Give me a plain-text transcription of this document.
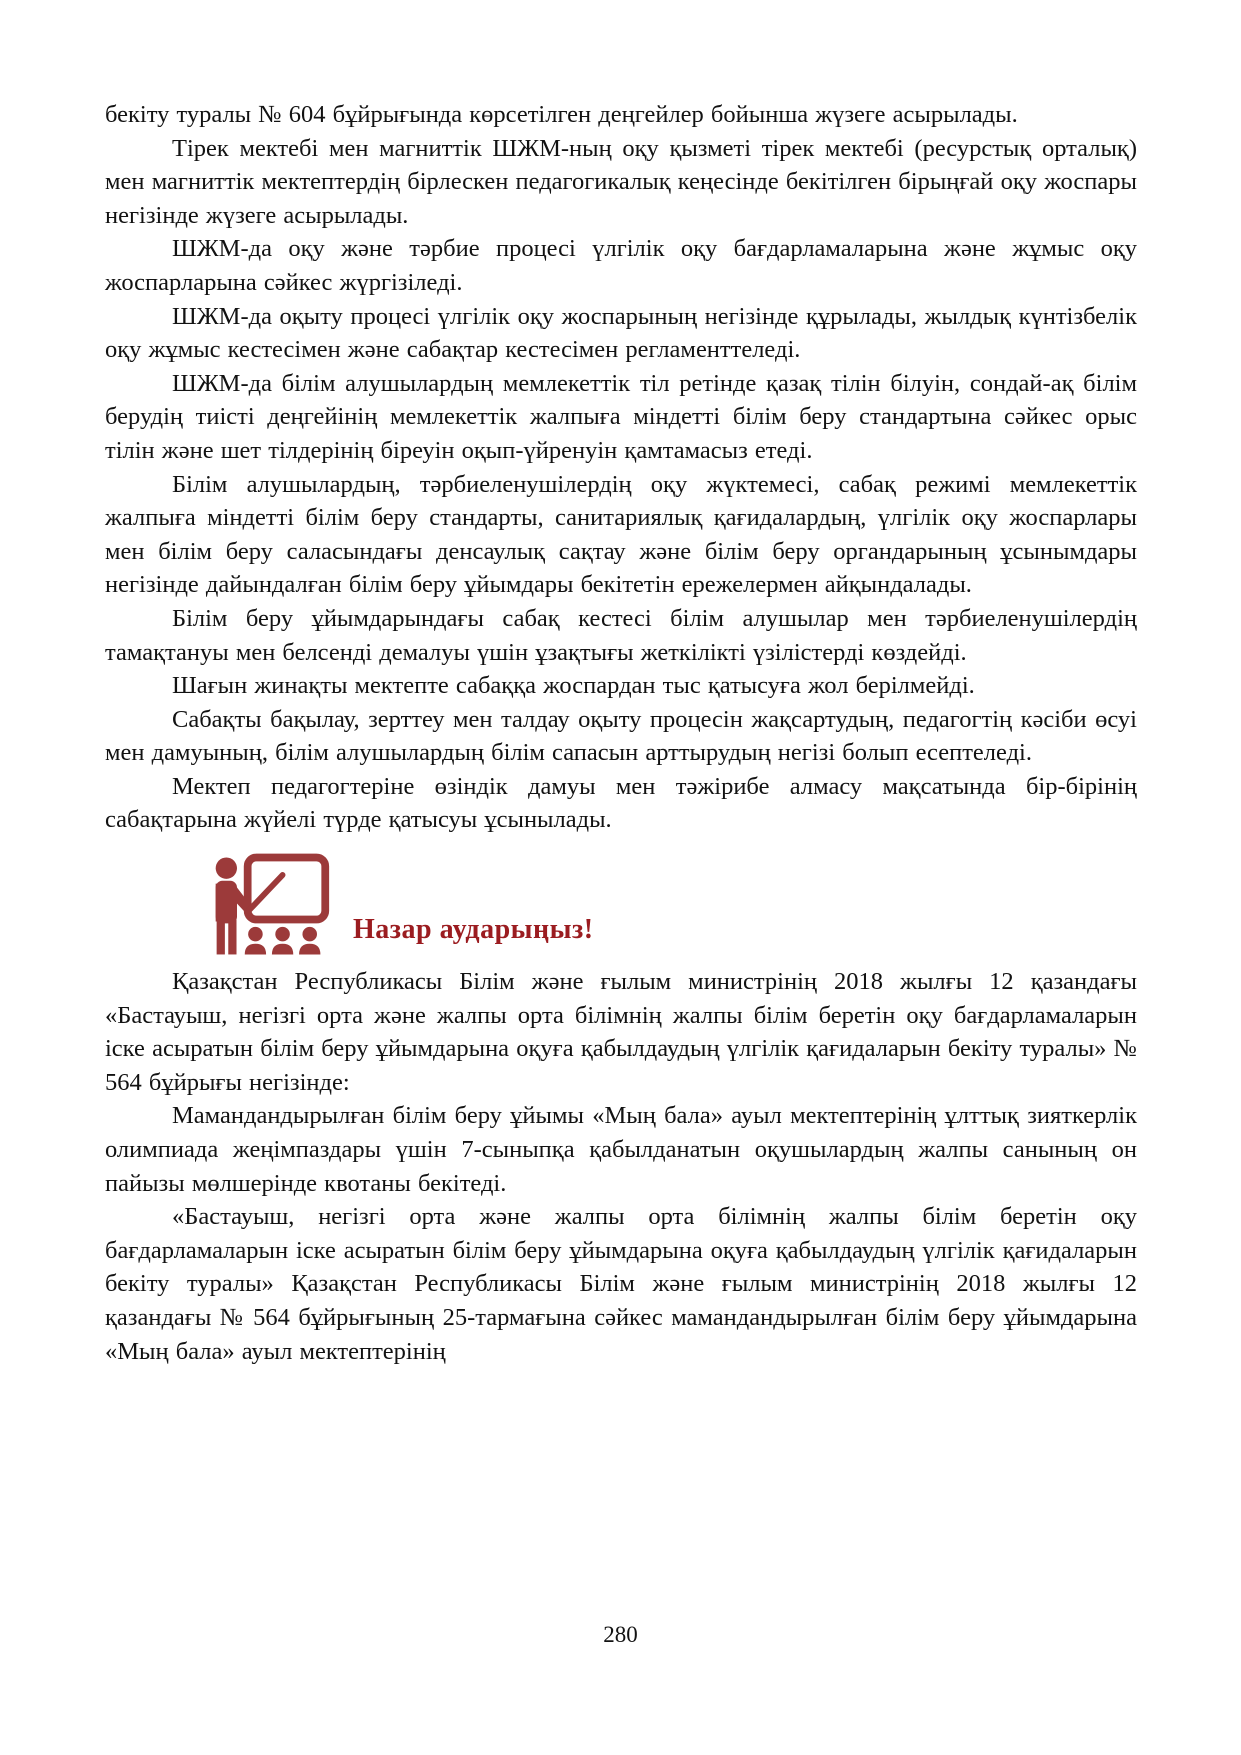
бекіту туралы № 604 бұйрығында көрсетілген деңгейлер бойынша жүзеге асырылады.

Тірек мектебі мен магниттік ШЖМ-ның оқу қызметі тірек мектебі (ресурстық орталық) мен магниттік мектептердің бірлескен педагогикалық кеңесінде бекітілген бірыңғай оқу жоспары негізінде жүзеге асырылады.

ШЖМ-да оқу және тәрбие процесі үлгілік оқу бағдарламаларына және жұмыс оқу жоспарларына сәйкес жүргізіледі.

ШЖМ-да оқыту процесі үлгілік оқу жоспарының негізінде құрылады, жылдық күнтізбелік оқу жұмыс кестесімен және сабақтар кестесімен регламенттеледі.

ШЖМ-да білім алушылардың мемлекеттік тіл ретінде қазақ тілін білуін, сондай-ақ білім берудің тиісті деңгейінің мемлекеттік жалпыға міндетті білім беру стандартына сәйкес орыс тілін және шет тілдерінің біреуін оқып-үйренуін қамтамасыз етеді.

Білім алушылардың, тәрбиеленушілердің оқу жүктемесі, сабақ режимі мемлекеттік жалпыға міндетті білім беру стандарты, санитариялық қағидалардың, үлгілік оқу жоспарлары мен білім беру саласындағы денсаулық сақтау және білім беру органдарының ұсынымдары негізінде дайындалған білім беру ұйымдары бекітетін ережелермен айқындалады.

Білім беру ұйымдарындағы сабақ кестесі білім алушылар мен тәрбиеленушілердің тамақтануы мен белсенді демалуы үшін ұзақтығы жеткілікті үзілістерді көздейді.

Шағын жинақты мектепте сабаққа жоспардан тыс қатысуға жол берілмейді.

Сабақты бақылау, зерттеу мен талдау оқыту процесін жақсартудың, педагогтің кәсіби өсуі мен дамуының, білім алушылардың білім сапасын арттырудың негізі болып есептеледі.

Мектеп педагогтеріне өзіндік дамуы мен тәжірибе алмасу мақсатында бір-бірінің сабақтарына жүйелі түрде қатысуы ұсынылады.

Назар аударыңыз!

Қазақстан Республикасы Білім және ғылым министрінің 2018 жылғы 12 қазандағы «Бастауыш, негізгі орта және жалпы орта білімнің жалпы білім беретін оқу бағдарламаларын іске асыратын білім беру ұйымдарына оқуға қабылдаудың үлгілік қағидаларын бекіту туралы» № 564 бұйрығы негізінде:

Мамандандырылған білім беру ұйымы «Мың бала» ауыл мектептерінің ұлттық зияткерлік олимпиада жеңімпаздары үшін 7-сыныпқа қабылданатын оқушылардың жалпы санының он пайызы мөлшерінде квотаны бекітеді.

«Бастауыш, негізгі орта және жалпы орта білімнің жалпы білім беретін оқу бағдарламаларын іске асыратын білім беру ұйымдарына оқуға қабылдаудың үлгілік қағидаларын бекіту туралы» Қазақстан Республикасы Білім және ғылым министрінің 2018 жылғы 12 қазандағы № 564 бұйрығының 25-тармағына сәйкес мамандандырылған білім беру ұйымдарына «Мың бала» ауыл мектептерінің

280
